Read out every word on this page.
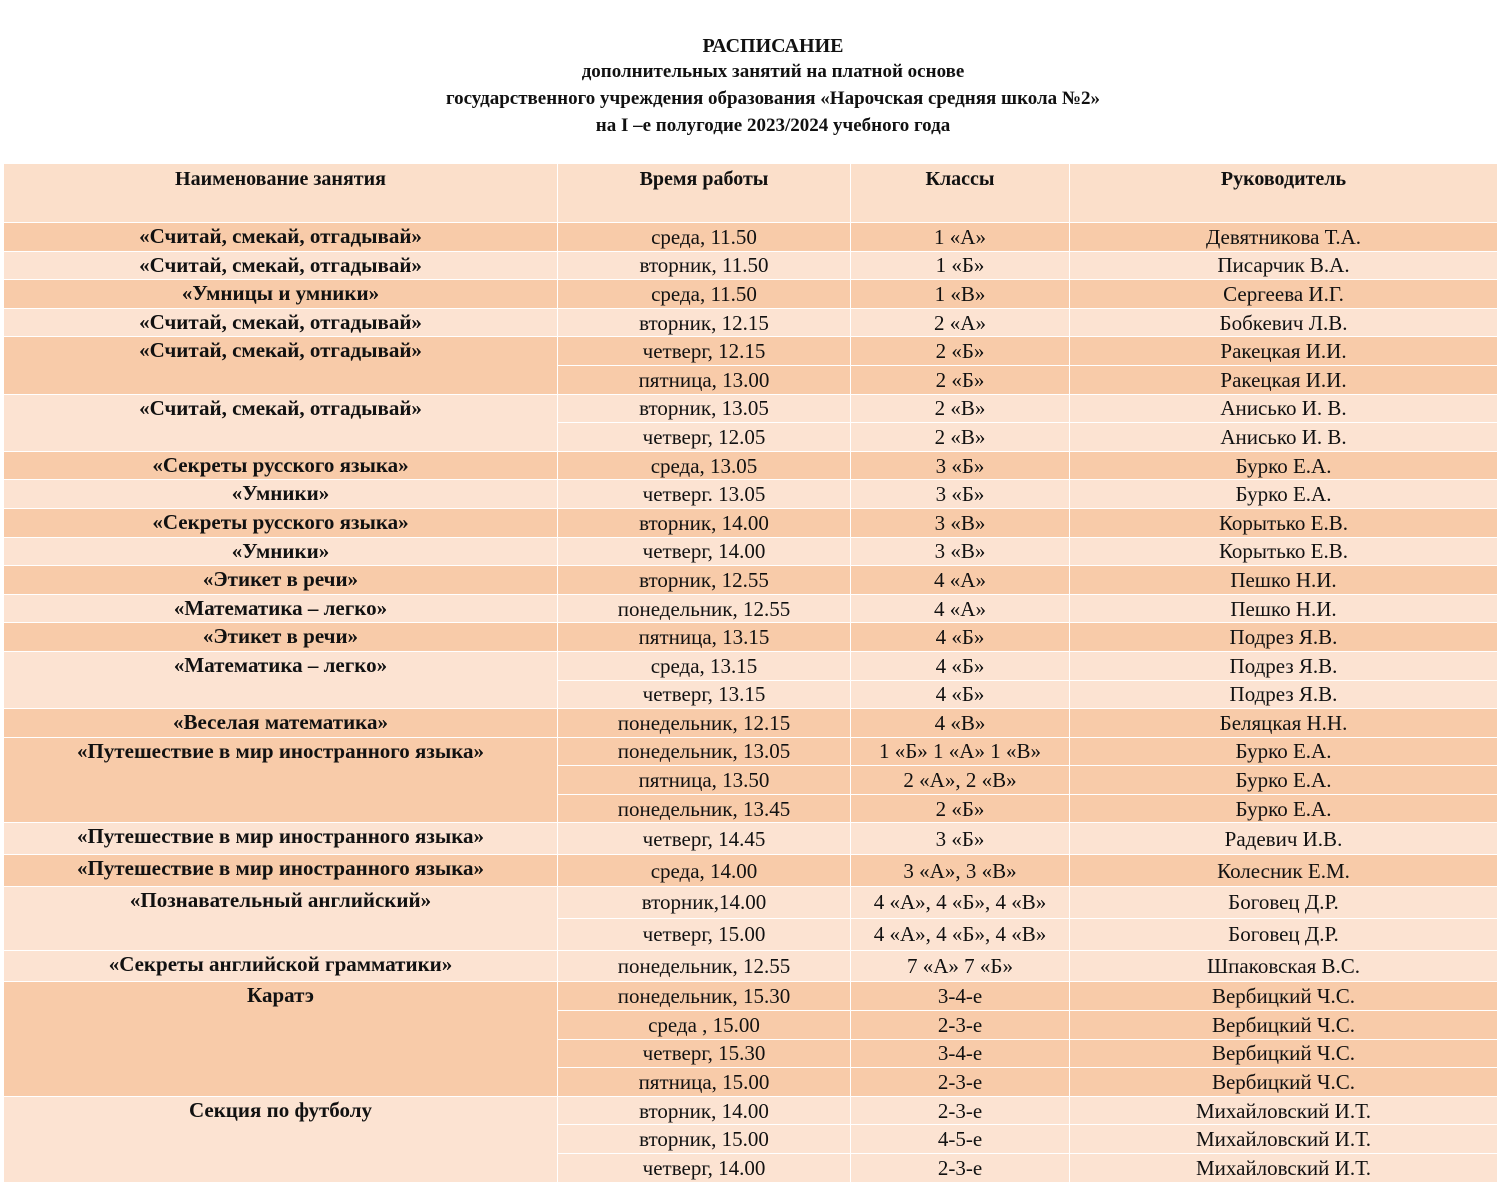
РАСПИСАНИЕ
дополнительных занятий на платной основе
государственного учреждения образования «Нарочская средняя школа №2»
на I –е полугодие 2023/2024 учебного года
Наименование занятия	Время работы	Классы	Руководитель
«Считай, смекай, отгадывай»	среда, 11.50	1 «А»	Девятникова Т.А.
«Считай, смекай, отгадывай»	вторник, 11.50	1 «Б»	Писарчик В.А.
«Умницы и умники»	среда, 11.50	1 «В»	Сергеева И.Г.
«Считай, смекай, отгадывай»	вторник, 12.15	2 «А»	Бобкевич Л.В.
«Считай, смекай, отгадывай»	четверг, 12.15	2 «Б»	Ракецкая И.И.
	пятница, 13.00	2 «Б»	Ракецкая И.И.
«Считай, смекай, отгадывай»	вторник, 13.05	2 «В»	Анисько И. В.
	четверг, 12.05	2 «В»	Анисько И. В.
«Секреты русского языка»	среда, 13.05	3 «Б»	Бурко Е.А.
«Умники»	четверг. 13.05	3 «Б»	Бурко Е.А.
«Секреты русского языка»	вторник, 14.00	3 «В»	Корытько Е.В.
«Умники»	четверг, 14.00	3 «В»	Корытько Е.В.
«Этикет в речи»	вторник, 12.55	4 «А»	Пешко Н.И.
«Математика – легко»	понедельник, 12.55	4 «А»	Пешко Н.И.
«Этикет в речи»	пятница, 13.15	4 «Б»	Подрез Я.В.
«Математика – легко»	среда, 13.15	4 «Б»	Подрез Я.В.
	четверг, 13.15	4 «Б»	Подрез Я.В.
«Веселая математика»	понедельник, 12.15	4 «В»	Беляцкая Н.Н.
«Путешествие в мир иностранного языка»	понедельник, 13.05	1 «Б» 1 «А» 1 «В»	Бурко Е.А.
	пятница, 13.50	2 «А», 2 «В»	Бурко Е.А.
	понедельник, 13.45	2 «Б»	Бурко Е.А.
«Путешествие в мир иностранного языка»	четверг, 14.45	3 «Б»	Радевич И.В.
«Путешествие в мир иностранного языка»	среда, 14.00	3 «А», 3 «В»	Колесник Е.М.
«Познавательный английский»	вторник,14.00	4 «А», 4 «Б», 4 «В»	Боговец Д.Р.
	четверг, 15.00	4 «А», 4 «Б», 4 «В»	Боговец Д.Р.
«Секреты английской грамматики»	понедельник, 12.55	7 «А» 7 «Б»	Шпаковская В.С.
Каратэ	понедельник, 15.30	3-4-е	Вербицкий Ч.С.
	среда , 15.00	2-3-е	Вербицкий Ч.С.
	четверг, 15.30	3-4-е	Вербицкий Ч.С.
	пятница, 15.00	2-3-е	Вербицкий Ч.С.
Секция по футболу	вторник, 14.00	2-3-е	Михайловский И.Т.
	вторник, 15.00	4-5-е	Михайловский И.Т.
	четверг, 14.00	2-3-е	Михайловский И.Т.
